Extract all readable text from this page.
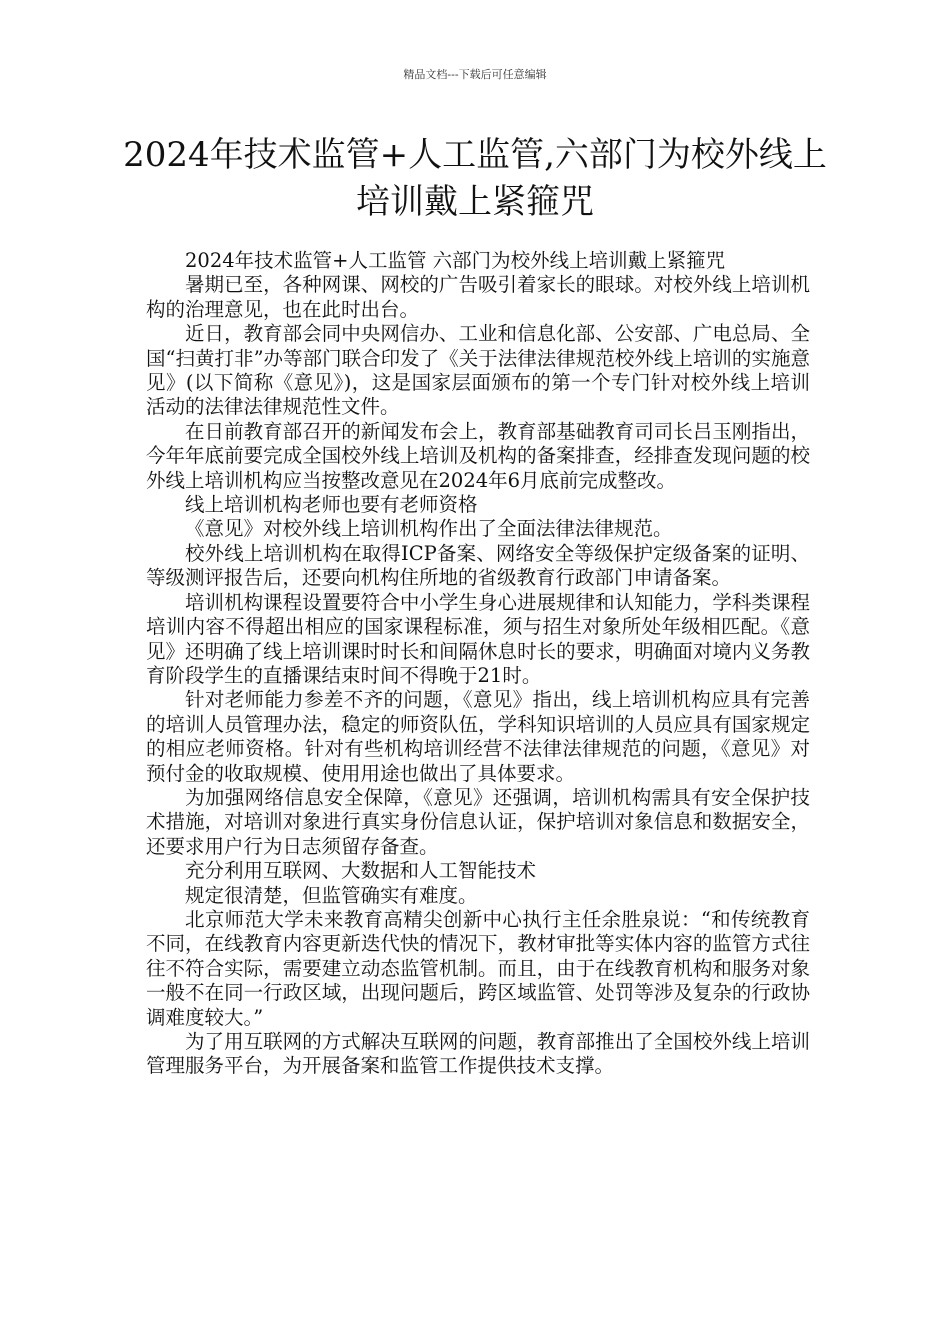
精品文档---下载后可任意编辑
2024年技术监管+人工监管,六部门为校外线上培训戴上紧箍咒

2024年技术监管+人工监管 六部门为校外线上培训戴上紧箍咒

暑期已至，各种网课、网校的广告吸引着家长的眼球。对校外线上培训机构的治理意见，也在此时出台。

近日，教育部会同中央网信办、工业和信息化部、公安部、广电总局、全国“扫黄打非”办等部门联合印发了《关于法律法律规范校外线上培训的实施意见》(以下简称《意见》)，这是国家层面颁布的第一个专门针对校外线上培训活动的法律法律规范性文件。

在日前教育部召开的新闻发布会上，教育部基础教育司司长吕玉刚指出，今年年底前要完成全国校外线上培训及机构的备案排查，经排查发现问题的校外线上培训机构应当按整改意见在2024年6月底前完成整改。

线上培训机构老师也要有老师资格

《意见》对校外线上培训机构作出了全面法律法律规范。

校外线上培训机构在取得ICP备案、网络安全等级保护定级备案的证明、等级测评报告后，还要向机构住所地的省级教育行政部门申请备案。

培训机构课程设置要符合中小学生身心进展规律和认知能力，学科类课程培训内容不得超出相应的国家课程标准，须与招生对象所处年级相匹配。《意见》还明确了线上培训课时时长和间隔休息时长的要求，明确面对境内义务教育阶段学生的直播课结束时间不得晚于21时。

针对老师能力参差不齐的问题，《意见》指出，线上培训机构应具有完善的培训人员管理办法，稳定的师资队伍，学科知识培训的人员应具有国家规定的相应老师资格。针对有些机构培训经营不法律法律规范的问题，《意见》对预付金的收取规模、使用用途也做出了具体要求。

为加强网络信息安全保障，《意见》还强调，培训机构需具有安全保护技术措施，对培训对象进行真实身份信息认证，保护培训对象信息和数据安全，还要求用户行为日志须留存备查。

充分利用互联网、大数据和人工智能技术

规定很清楚，但监管确实有难度。

北京师范大学未来教育高精尖创新中心执行主任余胜泉说：“和传统教育不同，在线教育内容更新迭代快的情况下，教材审批等实体内容的监管方式往往不符合实际，需要建立动态监管机制。而且，由于在线教育机构和服务对象一般不在同一行政区域，出现问题后，跨区域监管、处罚等涉及复杂的行政协调难度较大。”

为了用互联网的方式解决互联网的问题，教育部推出了全国校外线上培训管理服务平台，为开展备案和监管工作提供技术支撑。
